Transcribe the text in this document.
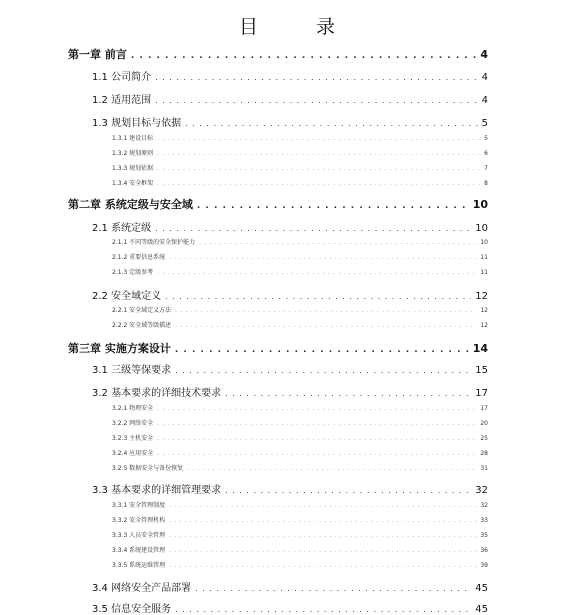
目 录
第一章 前言 . . .	4
1.1 公司简介 . . .	4
1.2 适用范围 . . .	4
1.3 规划目标与依据 . . .	5
1.3.1 建设目标 . . .	5
1.3.2 规划原则 . . .	6
1.3.3 规划依据 . . .	7
1.3.4 安全框架 . . .	8
第二章 系统定级与安全域 . . .	10
2.1 系统定级 . . .	10
2.1.1 不同等级的安全保护能力 . . .	10
2.1.2 重要信息系统 . . .	11
2.1.3 定级参考 . . .	11
2.2 安全域定义 . . .	12
2.2.1 安全域定义方法 . . .	12
2.2.2 安全域等级描述 . . .	12
第三章 实施方案设计 . . .	14
3.1 三级等保要求 . . .	15
3.2 基本要求的详细技术要求 . . .	17
3.2.1 物理安全 . . .	17
3.2.2 网络安全 . . .	20
3.2.3 主机安全 . . .	25
3.2.4 应用安全 . . .	28
3.2.5 数据安全与备份恢复 . . .	31
3.3 基本要求的详细管理要求 . . .	32
3.3.1 安全管理制度 . . .	32
3.3.2 安全管理机构 . . .	33
3.3.3 人员安全管理 . . .	35
3.3.4 系统建设管理 . . .	36
3.3.5 系统运维管理 . . .	39
3.4 网络安全产品部署 . . .	45
3.5 信息安全服务 . . .	45
